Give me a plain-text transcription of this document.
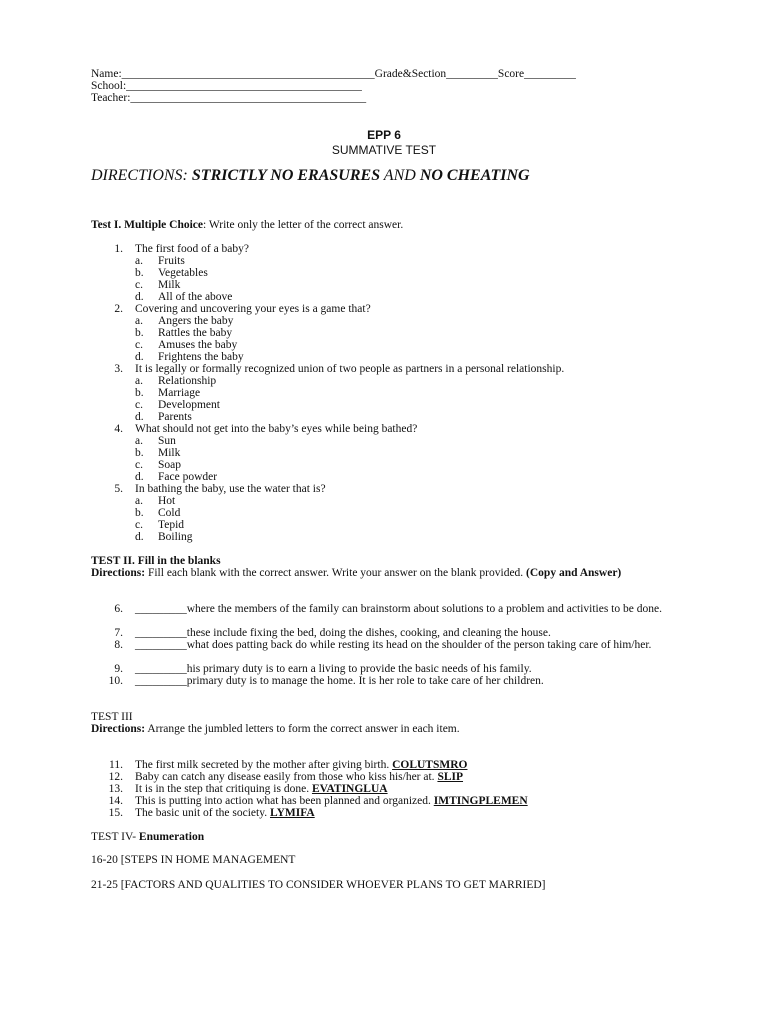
Name:____________________________________________Grade&Section_________Score_________
School:_________________________________________
Teacher:_________________________________________
EPP 6
SUMMATIVE TEST
DIRECTIONS: STRICTLY NO ERASURES AND NO CHEATING
Test I. Multiple Choice: Write only the letter of the correct answer.
1. The first food of a baby?
a. Fruits
b. Vegetables
c. Milk
d. All of the above
2. Covering and uncovering your eyes is a game that?
a. Angers the baby
b. Rattles the baby
c. Amuses the baby
d. Frightens the baby
3. It is legally or formally recognized union of two people as partners in a personal relationship.
a. Relationship
b. Marriage
c. Development
d. Parents
4. What should not get into the baby’s eyes while being bathed?
a. Sun
b. Milk
c. Soap
d. Face powder
5. In bathing the baby, use the water that is?
a. Hot
b. Cold
c. Tepid
d. Boiling
TEST II. Fill in the blanks
Directions: Fill each blank with the correct answer. Write your answer on the blank provided. (Copy and Answer)
6. _________where the members of the family can brainstorm about solutions to a problem and activities to be done.
7. _________these include fixing the bed, doing the dishes, cooking, and cleaning the house.
8. _________what does patting back do while resting its head on the shoulder of the person taking care of him/her.
9. _________his primary duty is to earn a living to provide the basic needs of his family.
10. _________primary duty is to manage the home. It is her role to take care of her children.
TEST III
Directions: Arrange the jumbled letters to form the correct answer in each item.
11. The first milk secreted by the mother after giving birth. COLUTSMRO
12. Baby can catch any disease easily from those who kiss his/her at. SLIP
13. It is in the step that critiquing is done. EVATINGLUA
14. This is putting into action what has been planned and organized. IMTINGPLEMEN
15. The basic unit of the society. LYMIFA
TEST IV- Enumeration
16-20 [STEPS IN HOME MANAGEMENT
21-25 [FACTORS AND QUALITIES TO CONSIDER WHOEVER PLANS TO GET MARRIED]
